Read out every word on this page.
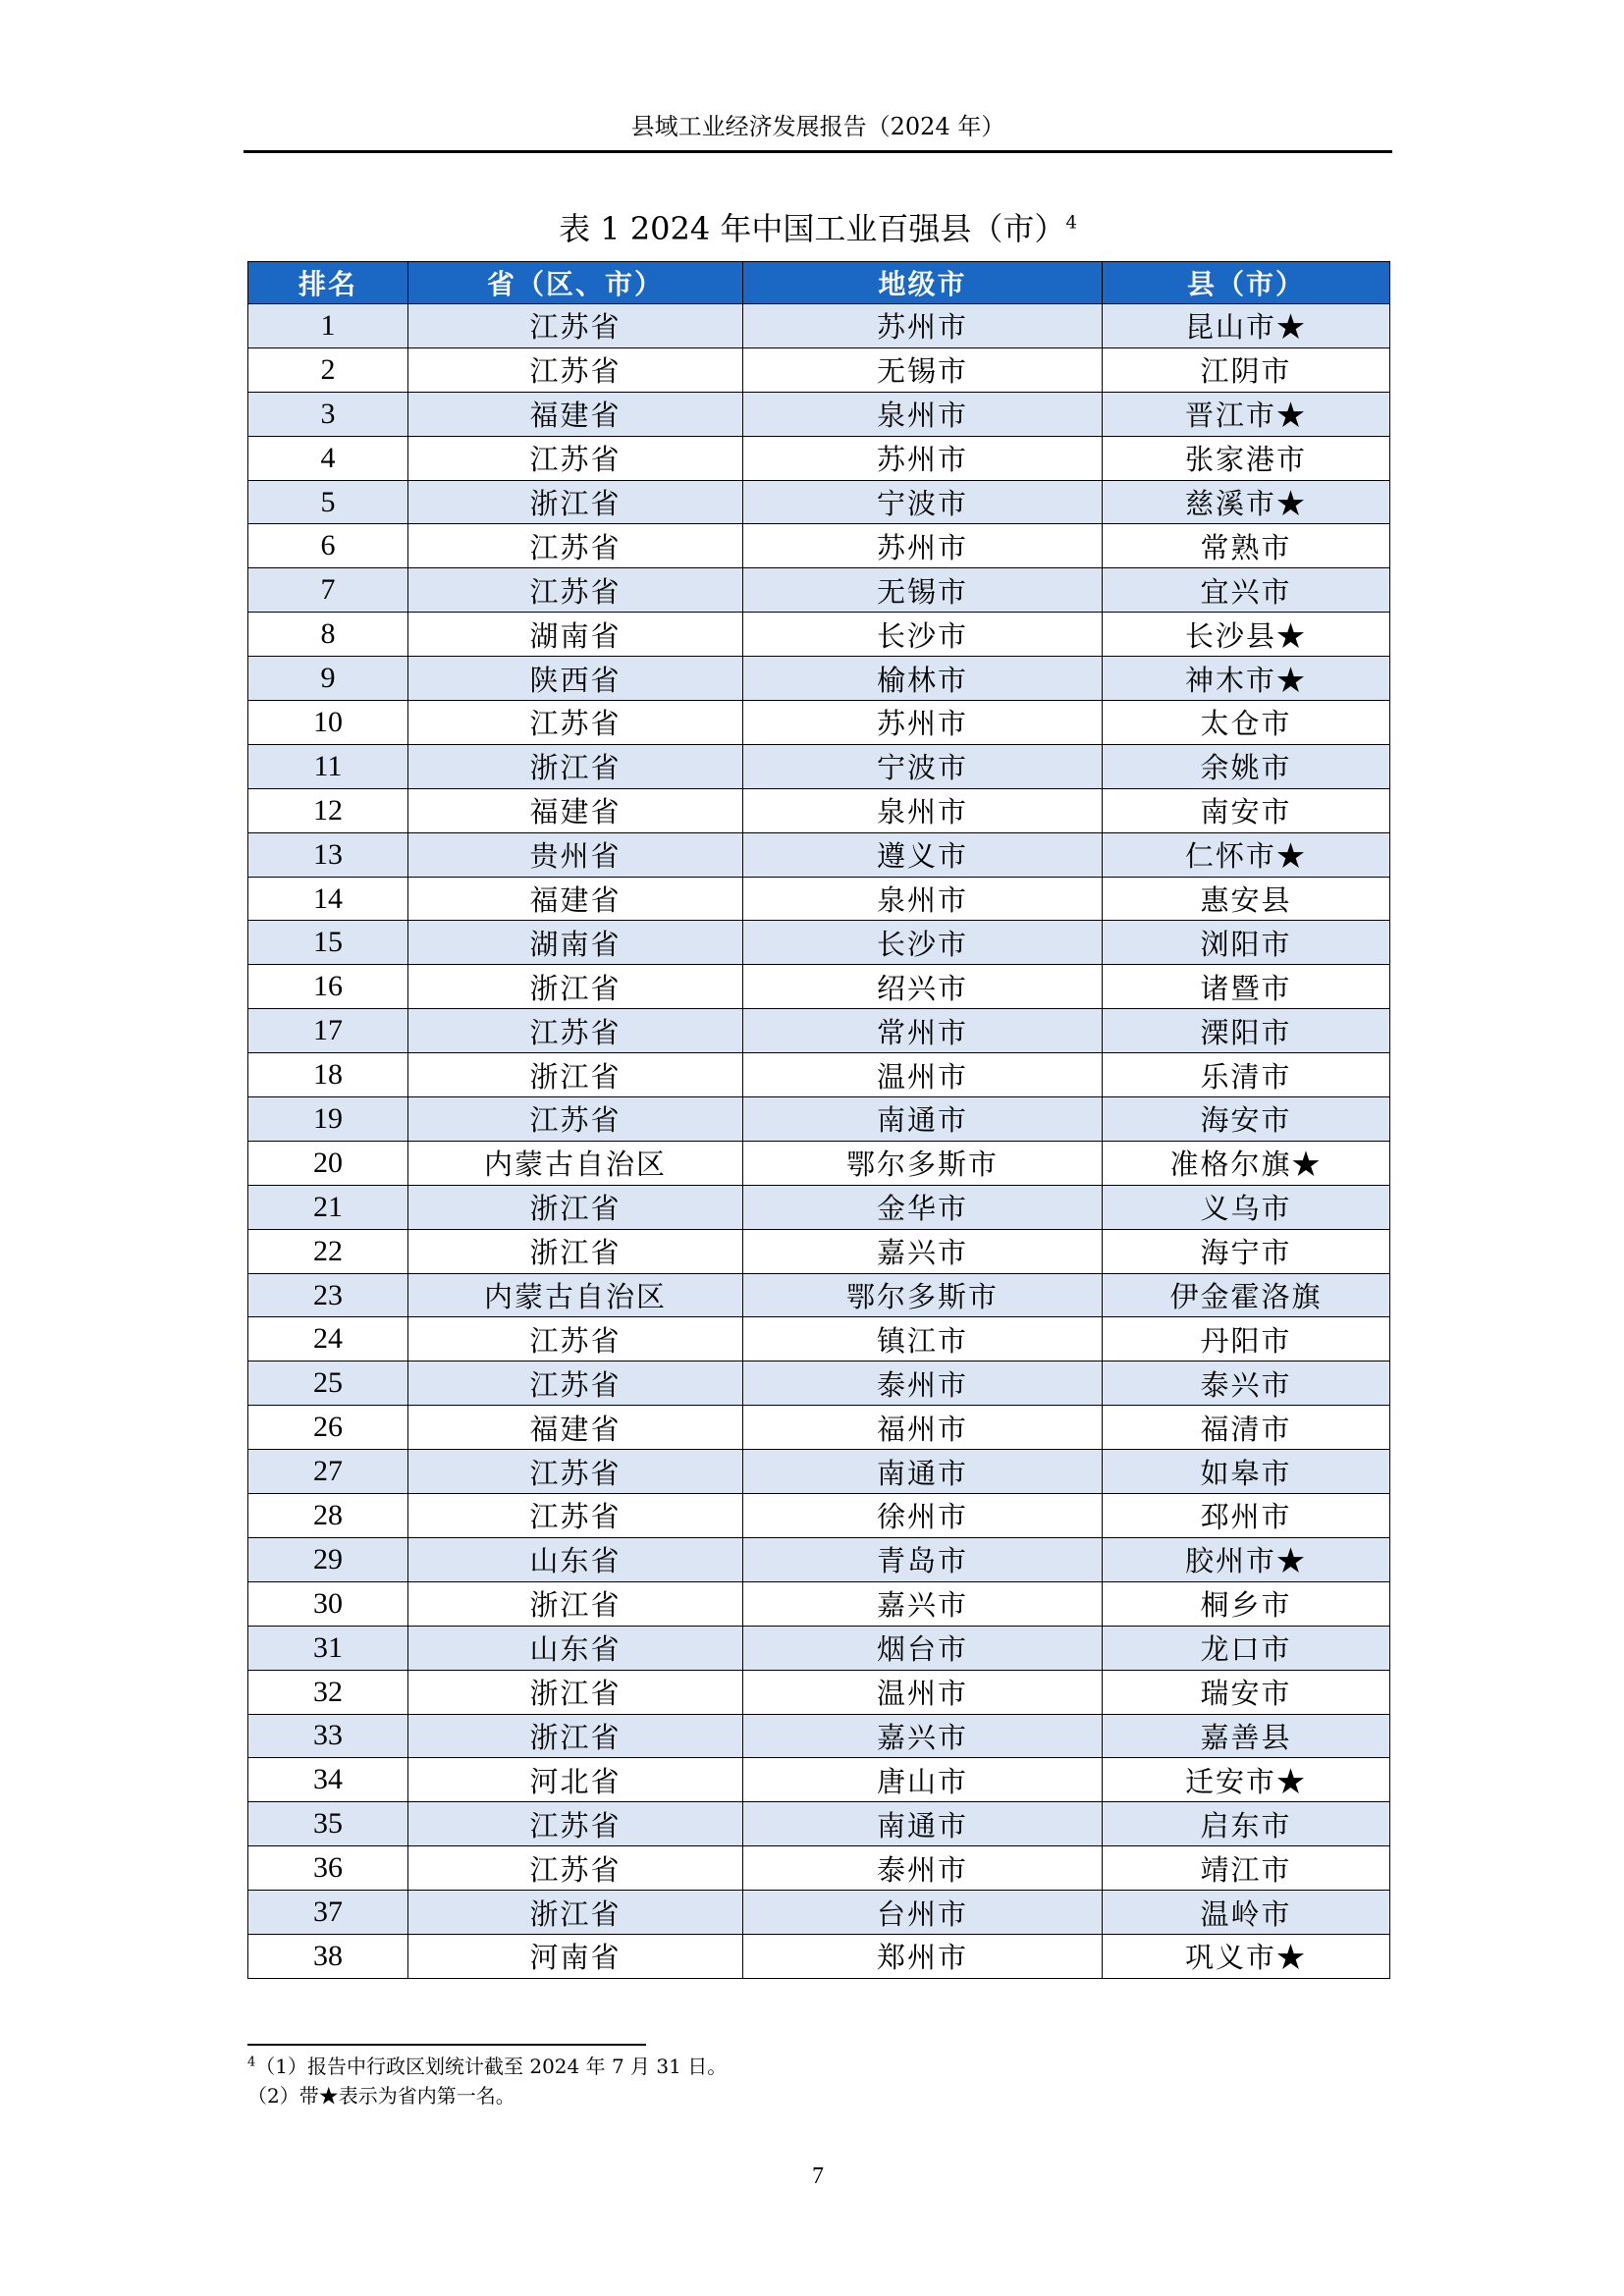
县域工业经济发展报告（2024 年）
表 1 2024 年中国工业百强县（市）$^4$
排名	省（区、市）	地级市	县（市）
1	江苏省	苏州市	昆山市★
2	江苏省	无锡市	江阴市
3	福建省	泉州市	晋江市★
4	江苏省	苏州市	张家港市
5	浙江省	宁波市	慈溪市★
6	江苏省	苏州市	常熟市
7	江苏省	无锡市	宜兴市
8	湖南省	长沙市	长沙县★
9	陕西省	榆林市	神木市★
10	江苏省	苏州市	太仓市
11	浙江省	宁波市	余姚市
12	福建省	泉州市	南安市
13	贵州省	遵义市	仁怀市★
14	福建省	泉州市	惠安县
15	湖南省	长沙市	浏阳市
16	浙江省	绍兴市	诸暨市
17	江苏省	常州市	溧阳市
18	浙江省	温州市	乐清市
19	江苏省	南通市	海安市
20	内蒙古自治区	鄂尔多斯市	准格尔旗★
21	浙江省	金华市	义乌市
22	浙江省	嘉兴市	海宁市
23	内蒙古自治区	鄂尔多斯市	伊金霍洛旗
24	江苏省	镇江市	丹阳市
25	江苏省	泰州市	泰兴市
26	福建省	福州市	福清市
27	江苏省	南通市	如皋市
28	江苏省	徐州市	邳州市
29	山东省	青岛市	胶州市★
30	浙江省	嘉兴市	桐乡市
31	山东省	烟台市	龙口市
32	浙江省	温州市	瑞安市
33	浙江省	嘉兴市	嘉善县
34	河北省	唐山市	迁安市★
35	江苏省	南通市	启东市
36	江苏省	泰州市	靖江市
37	浙江省	台州市	温岭市
38	河南省	郑州市	巩义市★
$^4$（1）报告中行政区划统计截至 2024 年 7 月 31 日。
（2）带★表示为省内第一名。
7
